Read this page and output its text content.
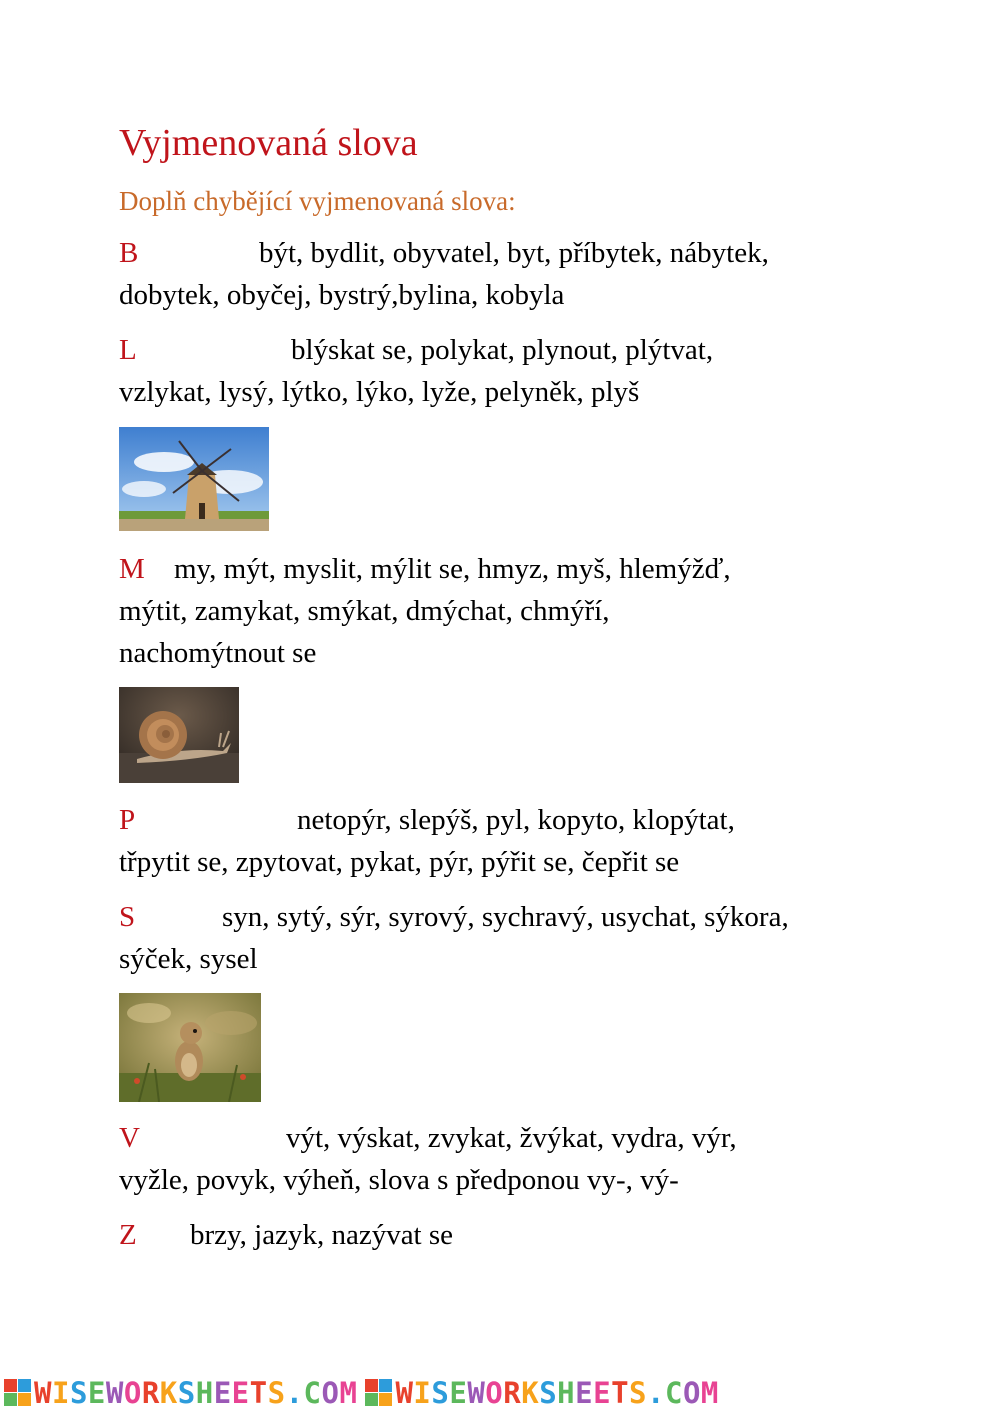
Vyjmenovaná slova
Doplň chybějící vyjmenovaná slova:
B	být, bydlit, obyvatel, byt, příbytek, nábytek,
dobytek, obyčej, bystrý,bylina, kobyla
L	blýskat se, polykat, plynout, plýtvat,
vzlykat, lysý, lýtko, lýko, lyže, pelyněk, plyš
M my, mýt, myslit, mýlit se, hmyz, myš, hlemýžď,
mýtit, zamykat, smýkat, dmýchat, chmýří,
nachomýtnout se
P	netopýr, slepýš, pyl, kopyto, klopýtat,
třpytit se, zpytovat, pykat, pýr, pýřit se, čepřit se
S	syn, sytý, sýr, syrový, sychravý, usychat, sýkora,
sýček, sysel
V	výt, výskat, zvykat, žvýkat, vydra, výr,
vyžle, povyk, výheň, slova s předponou vy-, vý-
Z brzy, jazyk, nazývat se
WISEWORKSHEETS.COM WISEWORKSHEETS.COM
